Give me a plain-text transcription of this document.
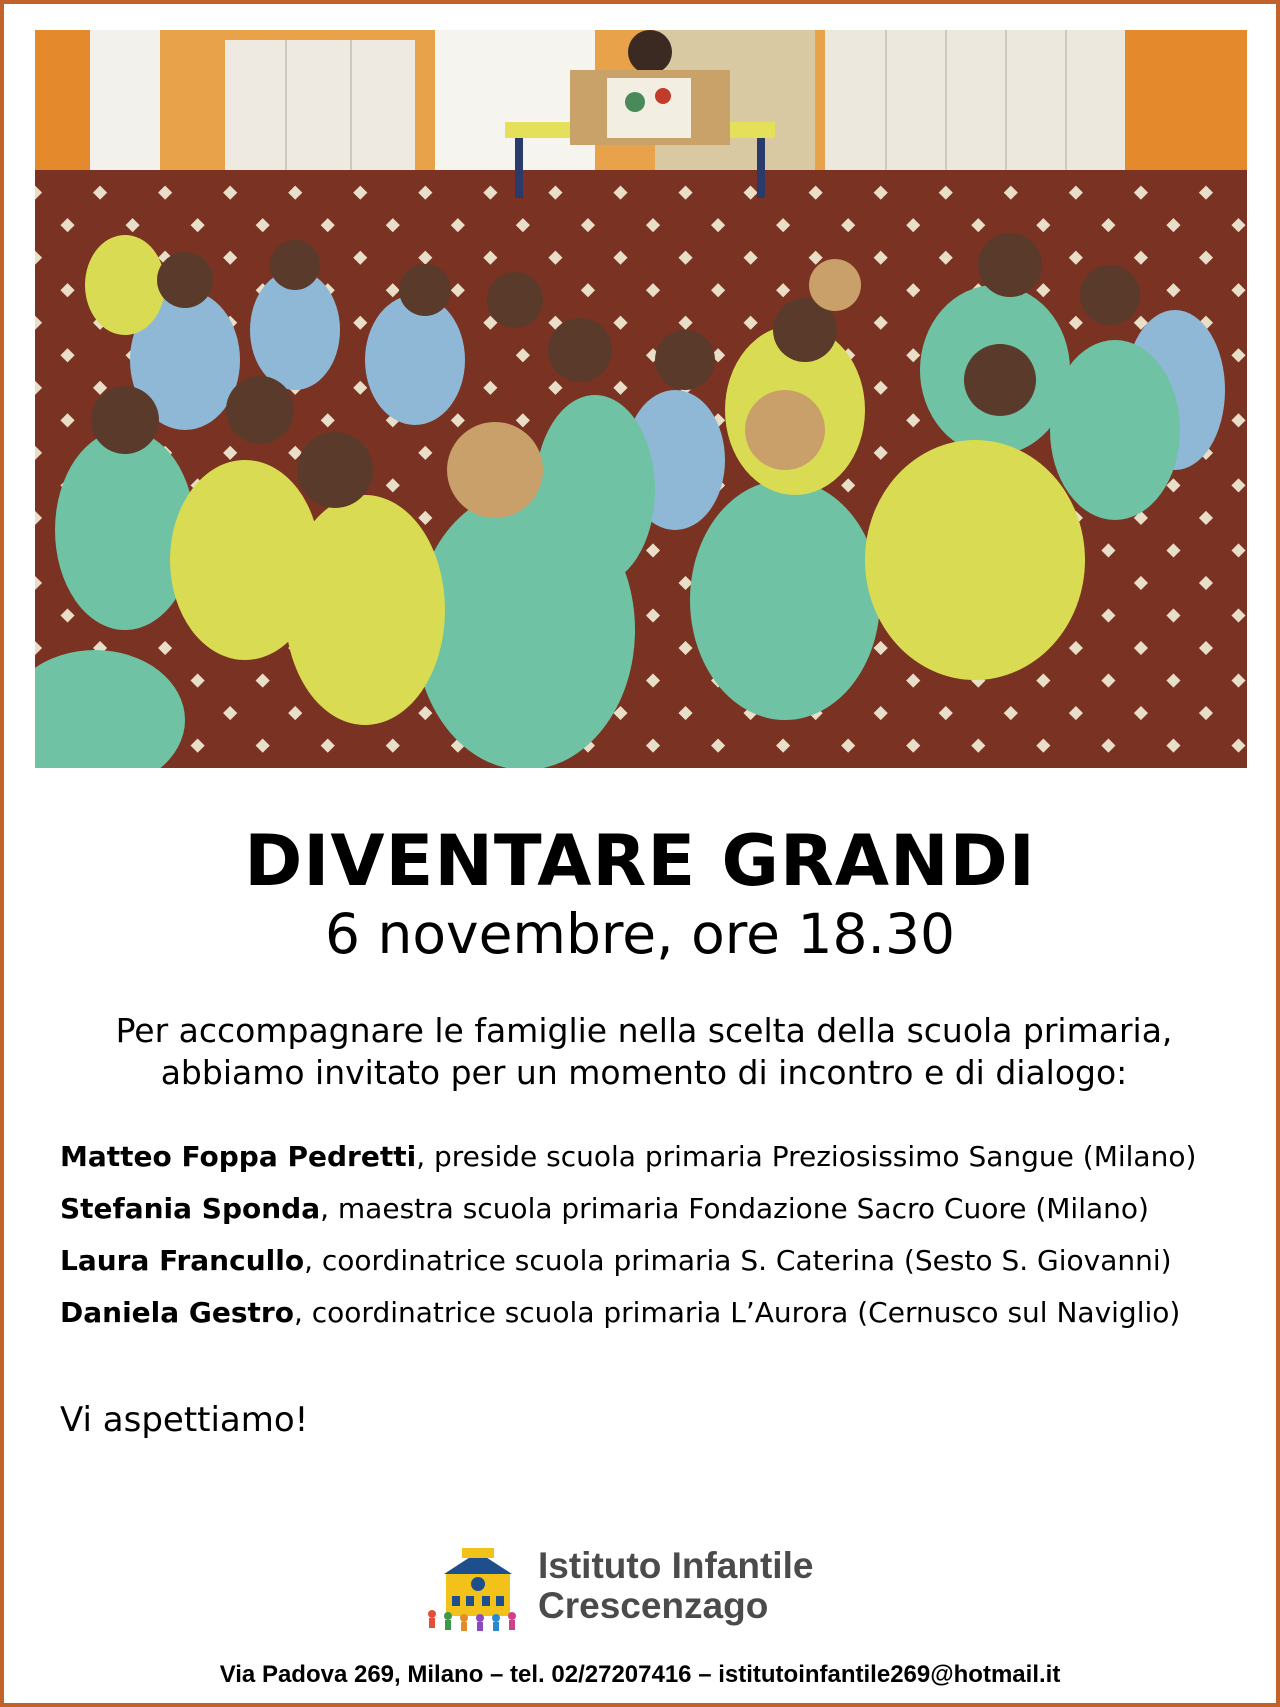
DIVENTARE GRANDI
6 novembre, ore 18.30
Per accompagnare le famiglie nella scelta della scuola primaria,
abbiamo invitato per un momento di incontro e di dialogo:
Matteo Foppa Pedretti, preside scuola primaria Preziosissimo Sangue (Milano)
Stefania Sponda, maestra scuola primaria Fondazione Sacro Cuore (Milano)
Laura Francullo, coordinatrice scuola primaria S. Caterina (Sesto S. Giovanni)
Daniela Gestro, coordinatrice scuola primaria L’Aurora (Cernusco sul Naviglio)
Vi aspettiamo!
Istituto Infantile
Crescenzago
Via Padova 269, Milano – tel. 02/27207416 – istitutoinfantile269@hotmail.it
